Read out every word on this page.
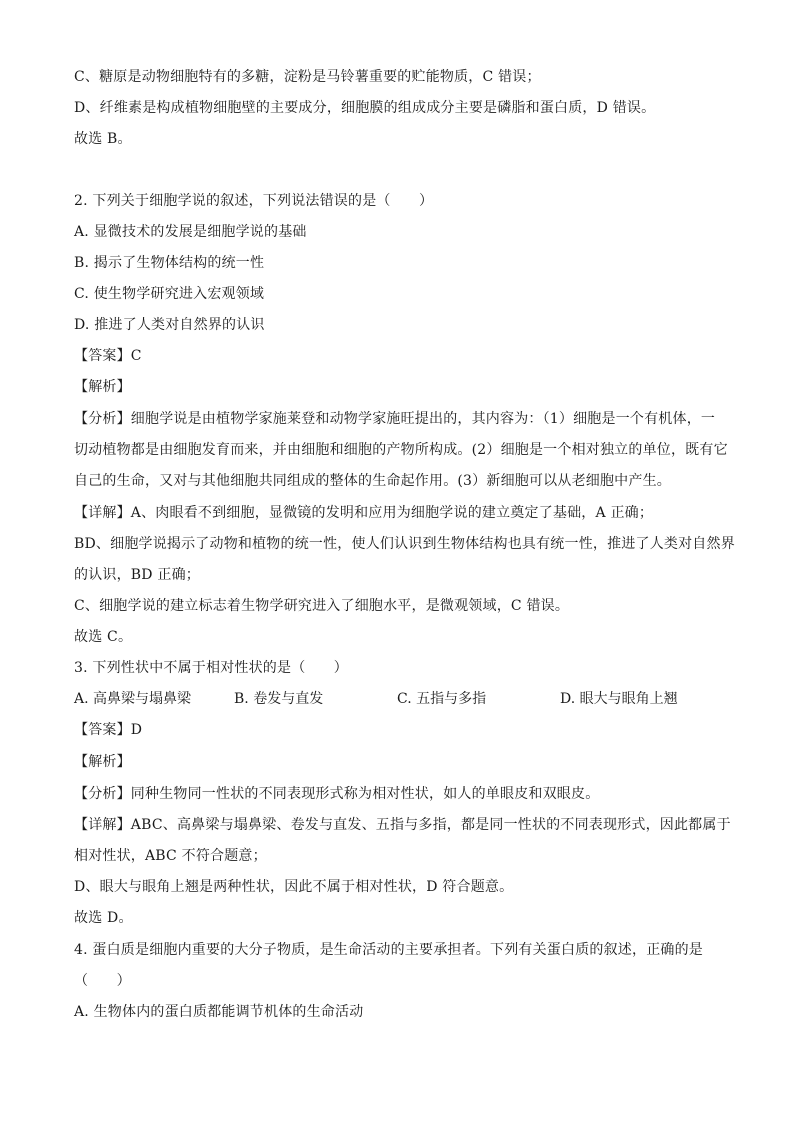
C、糖原是动物细胞特有的多糖，淀粉是马铃薯重要的贮能物质，C 错误；
D、纤维素是构成植物细胞壁的主要成分，细胞膜的组成成分主要是磷脂和蛋白质，D 错误。
故选 B。
2. 下列关于细胞学说的叙述，下列说法错误的是（　　）
A. 显微技术的发展是细胞学说的基础
B. 揭示了生物体结构的统一性
C. 使生物学研究进入宏观领域
D. 推进了人类对自然界的认识
【答案】C
【解析】
【分析】细胞学说是由植物学家施莱登和动物学家施旺提出的，其内容为：（1）细胞是一个有机体，一
切动植物都是由细胞发育而来，并由细胞和细胞的产物所构成。(2）细胞是一个相对独立的单位，既有它
自己的生命，又对与其他细胞共同组成的整体的生命起作用。(3）新细胞可以从老细胞中产生。
【详解】A、肉眼看不到细胞，显微镜的发明和应用为细胞学说的建立奠定了基础，A 正确；
BD、细胞学说揭示了动物和植物的统一性，使人们认识到生物体结构也具有统一性，推进了人类对自然界
的认识，BD 正确；
C、细胞学说的建立标志着生物学研究进入了细胞水平，是微观领域，C 错误。
故选 C。
3. 下列性状中不属于相对性状的是（　　）
A. 高鼻梁与塌鼻梁	B. 卷发与直发	C. 五指与多指	D. 眼大与眼角上翘
【答案】D
【解析】
【分析】同种生物同一性状的不同表现形式称为相对性状，如人的单眼皮和双眼皮。
【详解】ABC、高鼻梁与塌鼻梁、卷发与直发、五指与多指，都是同一性状的不同表现形式，因此都属于
相对性状，ABC 不符合题意；
D、眼大与眼角上翘是两种性状，因此不属于相对性状，D 符合题意。
故选 D。
4. 蛋白质是细胞内重要的大分子物质，是生命活动的主要承担者。下列有关蛋白质的叙述，正确的是
（　　）
A. 生物体内的蛋白质都能调节机体的生命活动
